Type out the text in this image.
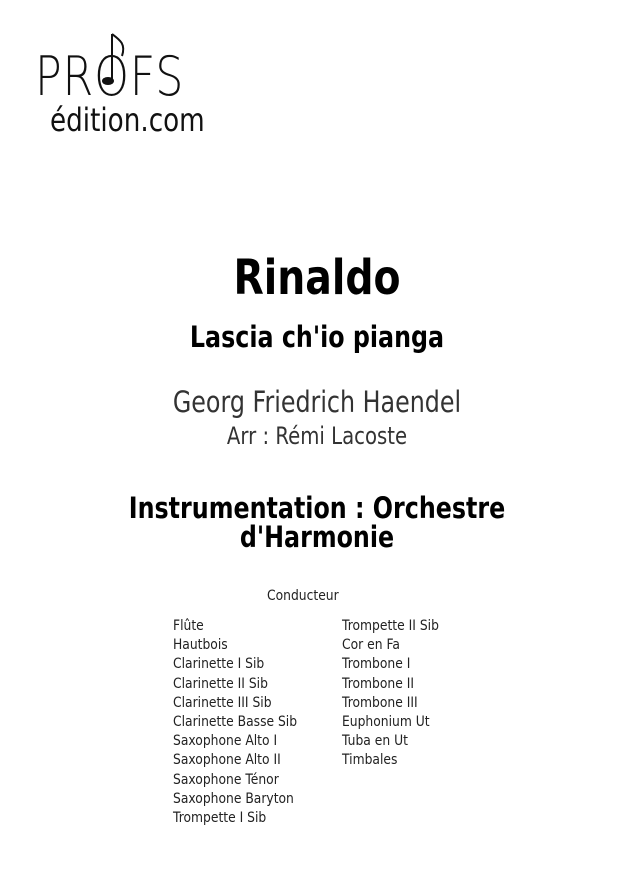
PROFS
édition.com
Rinaldo
Lascia ch'io pianga
Georg Friedrich Haendel
Arr : Rémi Lacoste
Instrumentation : Orchestre d'Harmonie
Conducteur
Flûte
Hautbois
Clarinette I Sib
Clarinette II Sib
Clarinette III Sib
Clarinette Basse Sib
Saxophone Alto I
Saxophone Alto II
Saxophone Ténor
Saxophone Baryton
Trompette I Sib
Trompette II Sib
Cor en Fa
Trombone I
Trombone II
Trombone III
Euphonium Ut
Tuba en Ut
Timbales
